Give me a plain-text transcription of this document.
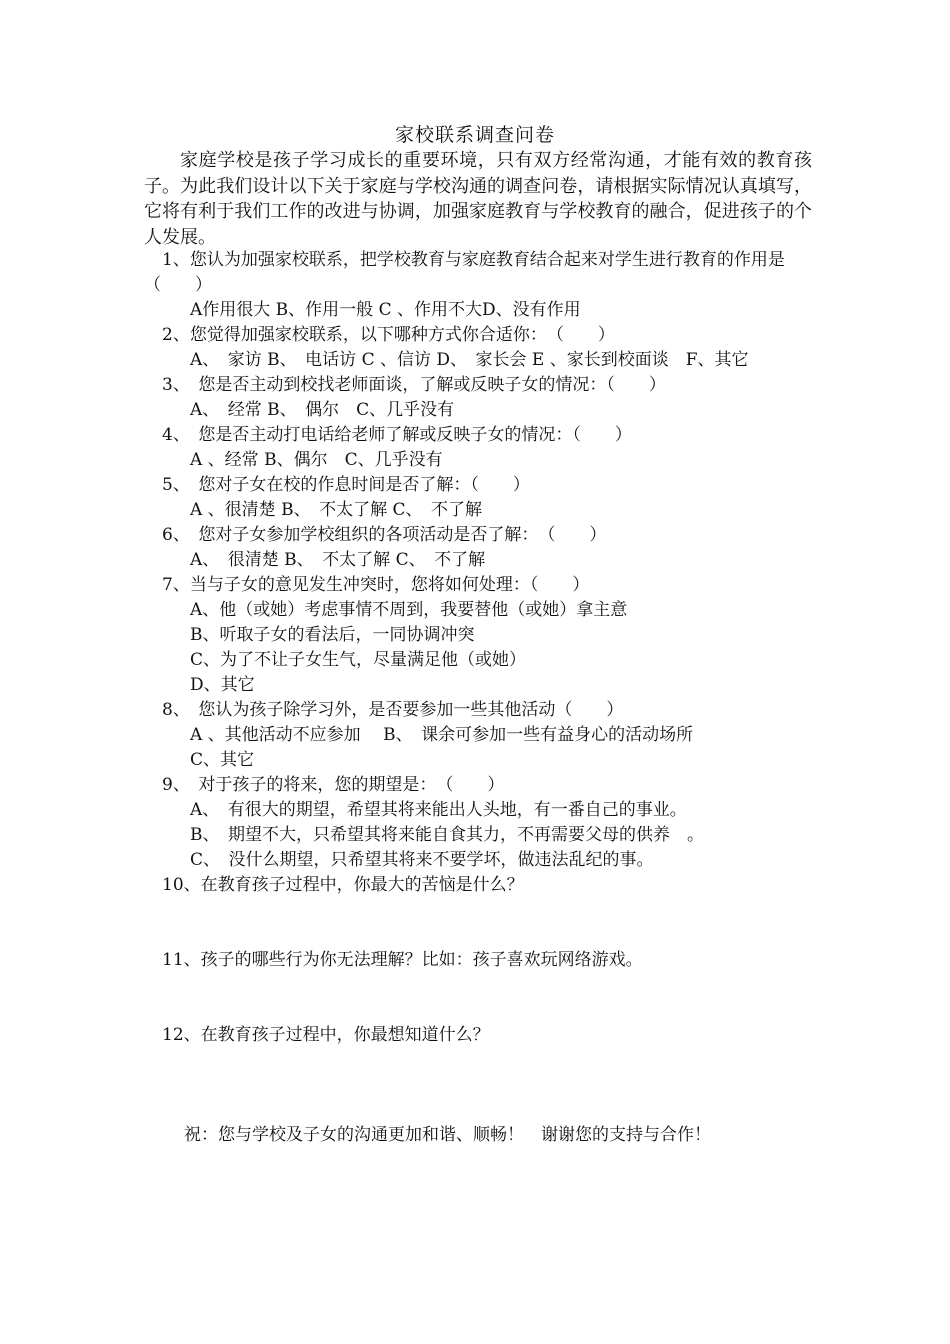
家校联系调查问卷
家庭学校是孩子学习成长的重要环境，只有双方经常沟通，才能有效的教育孩子。为此我们设计以下关于家庭与学校沟通的调查问卷，请根据实际情况认真填写，它将有利于我们工作的改进与协调，加强家庭教育与学校教育的融合，促进孩子的个人发展。
1、您认为加强家校联系，把学校教育与家庭教育结合起来对学生进行教育的作用是（　　）
A作用很大 B、作用一般 C 、作用不大D、没有作用
2、您觉得加强家校联系，以下哪种方式你合适你：　（　　）
A、　家访 B、　电话访 C 、信访 D、　家长会 E 、家长到校面谈　F、其它
3、　您是否主动到校找老师面谈，了解或反映子女的情况：（　　）
A、　经常 B、　偶尔　C、几乎没有
4、　您是否主动打电话给老师了解或反映子女的情况：（　　）
A 、经常 B、偶尔　C、几乎没有
5、　您对子女在校的作息时间是否了解：（　　）
A 、很清楚 B、　不太了解 C、　不了解
6、　您对子女参加学校组织的各项活动是否了解：　（　　）
A、　很清楚 B、　不太了解 C、　不了解
7、当与子女的意见发生冲突时，您将如何处理：（　　）
A、他（或她）考虑事情不周到，我要替他（或她）拿主意
B、听取子女的看法后，一同协调冲突
C、为了不让子女生气，尽量满足他（或她）
D、其它
8、　您认为孩子除学习外，是否要参加一些其他活动（　　）
A 、其他活动不应参加　 B、　课余可参加一些有益身心的活动场所
C、其它
9、　对于孩子的将来，您的期望是：　（　　）
A、　有很大的期望，希望其将来能出人头地，有一番自己的事业。
B、　期望不大，只希望其将来能自食其力，不再需要父母的供养　。
C、　没什么期望，只希望其将来不要学坏，做违法乱纪的事。
10、在教育孩子过程中，你最大的苦恼是什么？
11、孩子的哪些行为你无法理解？比如：孩子喜欢玩网络游戏。
12、在教育孩子过程中，你最想知道什么？
祝：您与学校及子女的沟通更加和谐、顺畅！　谢谢您的支持与合作！
